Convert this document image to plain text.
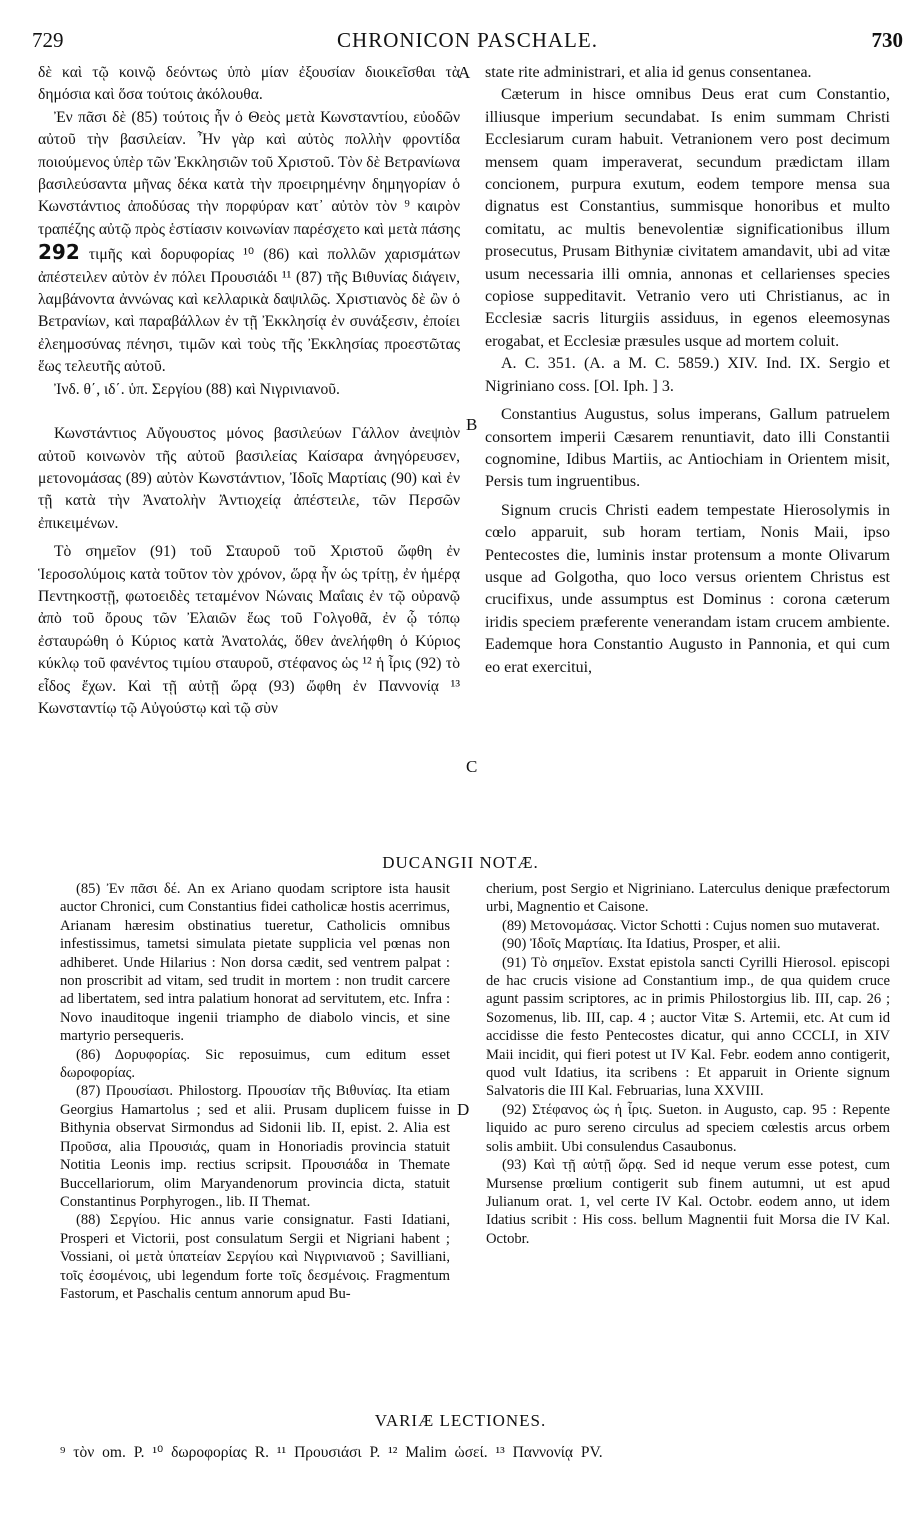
729	CHRONICON PASCHALE.	730

δὲ καὶ τῷ κοινῷ δεόντως ὑπὸ μίαν ἐξουσίαν διοικεῖσθαι τὰ δημόσια καὶ ὅσα τούτοις ἀκόλουθα.

Ἐν πᾶσι δὲ (85) τούτοις ἦν ὁ Θεὸς μετὰ Κωνσταντίου, εὐοδῶν αὐτοῦ τὴν βασιλείαν. Ἦν γὰρ καὶ αὐτὸς πολλὴν φροντίδα ποιούμενος ὑπὲρ τῶν Ἐκκλησιῶν τοῦ Χριστοῦ. Τὸν δὲ Βετρανίωνα βασιλεύσαντα μῆνας δέκα κατὰ τὴν προειρημένην δημηγορίαν ὁ Κωνστάντιος ἀποδύσας τὴν πορφύραν κατ᾽ αὐτὸν τὸν ⁹ καιρὸν τραπέζης αὐτῷ πρὸς ἑστίασιν κοινωνίαν παρέσχετο καὶ μετὰ πάσης 292 τιμῆς καὶ δορυφορίας ¹⁰ (86) καὶ πολλῶν χαρισμάτων ἀπέστειλεν αὐτὸν ἐν πόλει Προυσιάδι ¹¹ (87) τῆς Βιθυνίας διάγειν, λαμβάνοντα ἀννώνας καὶ κελλαρικὰ δαψιλῶς. Χριστιανὸς δὲ ὢν ὁ Βετρανίων, καὶ παραβάλλων ἐν τῇ Ἐκκλησίᾳ ἐν συνάξεσιν, ἐποίει ἐλεημοσύνας πένησι, τιμῶν καὶ τοὺς τῆς Ἐκκλησίας προεστῶτας ἕως τελευτῆς αὐτοῦ.

Ἰνδ. θ΄, ιδ΄. ὑπ. Σεργίου (88) καὶ Νιγρινιανοῦ.

Κωνστάντιος Αὔγουστος μόνος βασιλεύων Γάλλον ἀνεψιὸν αὐτοῦ κοινωνὸν τῆς αὐτοῦ βασιλείας Καίσαρα ἀνηγόρευσεν, μετονομάσας (89) αὐτὸν Κωνστάντιον, Ἰδοῖς Μαρτίαις (90) καὶ ἐν τῇ κατὰ τὴν Ἀνατολὴν Ἀντιοχείᾳ ἀπέστειλε, τῶν Περσῶν ἐπικειμένων.

Τὸ σημεῖον (91) τοῦ Σταυροῦ τοῦ Χριστοῦ ὤφθη ἐν Ἱεροσολύμοις κατὰ τοῦτον τὸν χρόνον, ὥρᾳ ἦν ὡς τρίτῃ, ἐν ἡμέρᾳ Πεντηκοστῇ, φωτοειδὲς τεταμένον Νώναις Μαΐαις ἐν τῷ οὐρανῷ ἀπὸ τοῦ ὄρους τῶν Ἐλαιῶν ἕως τοῦ Γολγοθᾶ, ἐν ᾧ τόπῳ ἐσταυρώθη ὁ Κύριος κατὰ Ἀνατολάς, ὅθεν ἀνελήφθη ὁ Κύριος κύκλῳ τοῦ φανέντος τιμίου σταυροῦ, στέφανος ὡς ¹² ἡ ἶρις (92) τὸ εἶδος ἔχων. Καὶ τῇ αὐτῇ ὥρᾳ (93) ὤφθη ἐν Παννονίᾳ ¹³ Κωνσταντίῳ τῷ Αὐγούστῳ καὶ τῷ σὺν

A
B
C
D

state rite administrari, et alia id genus consentanea.

Cæterum in hisce omnibus Deus erat cum Constantio, illiusque imperium secundabat. Is enim summam Christi Ecclesiarum curam habuit. Vetranionem vero post decimum mensem quam imperaverat, secundum prædictam illam concionem, purpura exutum, eodem tempore mensa sua dignatus est Constantius, summisque honoribus et multo comitatu, ac multis benevolentiæ significationibus illum prosecutus, Prusam Bithyniæ civitatem amandavit, ubi ad vitæ usum necessaria illi omnia, annonas et cellarienses species copiose suppeditavit. Vetranio vero uti Christianus, ac in Ecclesiæ sacris liturgiis assiduus, in egenos eleemosynas erogabat, et Ecclesiæ præsules usque ad mortem coluit.

A. C. 351. (A. a M. C. 5859.) XIV. Ind. IX. Sergio et Nigriniano coss. [Ol. Iph. ] 3.

Constantius Augustus, solus imperans, Gallum patruelem consortem imperii Cæsarem renuntiavit, dato illi Constantii cognomine, Idibus Martiis, ac Antiochiam in Orientem misit, Persis tum ingruentibus.

Signum crucis Christi eadem tempestate Hierosolymis in cœlo apparuit, sub horam tertiam, Nonis Maii, ipso Pentecostes die, luminis instar protensum a monte Olivarum usque ad Golgotha, quo loco versus orientem Christus est crucifixus, unde assumptus est Dominus : corona cæterum iridis speciem præferente venerandam istam crucem ambiente. Eademque hora Constantio Augusto in Pannonia, et qui cum eo erat exercitui,

DUCANGII NOTÆ.

(85) Ἐν πᾶσι δέ. An ex Ariano quodam scriptore ista hausit auctor Chronici, cum Constantius fidei catholicæ hostis acerrimus, Arianam hæresim obstinatius tueretur, Catholicis omnibus infestissimus, tametsi simulata pietate supplicia vel pœnas non adhiberet. Unde Hilarius : Non dorsa cædit, sed ventrem palpat : non proscribit ad vitam, sed trudit in mortem : non trudit carcere ad libertatem, sed intra palatium honorat ad servitutem, etc. Infra : Novo inauditoque ingenii triampho de diabolo vincis, et sine martyrio persequeris.

(86) Δορυφορίας. Sic reposuimus, cum editum esset δωροφορίας.

(87) Προυσίασι. Philostorg. Προυσίαν τῆς Βιθυνίας. Ita etiam Georgius Hamartolus ; sed et alii. Prusam duplicem fuisse in Bithynia observat Sirmondus ad Sidonii lib. II, epist. 2. Alia est Προῦσα, alia Προυσιάς, quam in Honoriadis provincia statuit Notitia Leonis imp. rectius scripsit. Προυσιάδα in Themate Buccellariorum, olim Maryandenorum provincia dicta, statuit Constantinus Porphyrogen., lib. II Themat.

(88) Σεργίου. Hic annus varie consignatur. Fasti Idatiani, Prosperi et Victorii, post consulatum Sergii et Nigriani habent ; Vossiani, οἱ μετὰ ὑπατείαν Σεργίου καὶ Νιγρινιανοῦ ; Savilliani, τοῖς ἐσομένοις, ubi legendum forte τοῖς δεσμένοις. Fragmentum Fastorum, et Paschalis centum annorum apud Bu-

cherium, post Sergio et Nigriniano. Laterculus denique præfectorum urbi, Magnentio et Caisone.

(89) Μετονομάσας. Victor Schotti : Cujus nomen suo mutaverat.

(90) Ἰδοῖς Μαρτίαις. Ita Idatius, Prosper, et alii.

(91) Τὸ σημεῖον. Exstat epistola sancti Cyrilli Hierosol. episcopi de hac crucis visione ad Constantium imp., de qua quidem cruce agunt passim scriptores, ac in primis Philostorgius lib. III, cap. 26 ; Sozomenus, lib. III, cap. 4 ; auctor Vitæ S. Artemii, etc. At cum id accidisse die festo Pentecostes dicatur, qui anno CCCLI, in XIV Maii incidit, qui fieri potest ut IV Kal. Febr. eodem anno contigerit, quod vult Idatius, ita scribens : Et apparuit in Oriente signum Salvatoris die III Kal. Februarias, luna XXVIII.

(92) Στέφανος ὡς ἡ ἶρις. Sueton. in Augusto, cap. 95 : Repente liquido ac puro sereno circulus ad speciem cœlestis arcus orbem solis ambiit. Ubi consulendus Casaubonus.

(93) Καὶ τῇ αὐτῇ ὥρᾳ. Sed id neque verum esse potest, cum Mursense prœlium contigerit sub finem autumni, ut est apud Julianum orat. 1, vel certe IV Kal. Octobr. eodem anno, ut idem Idatius scribit : His coss. bellum Magnentii fuit Morsa die IV Kal. Octobr.

VARIÆ LECTIONES.
⁹ τὸν om. P. ¹⁰ δωροφορίας R. ¹¹ Προυσιάσι P. ¹² Malim ὡσεί. ¹³ Παννονίᾳ PV.
